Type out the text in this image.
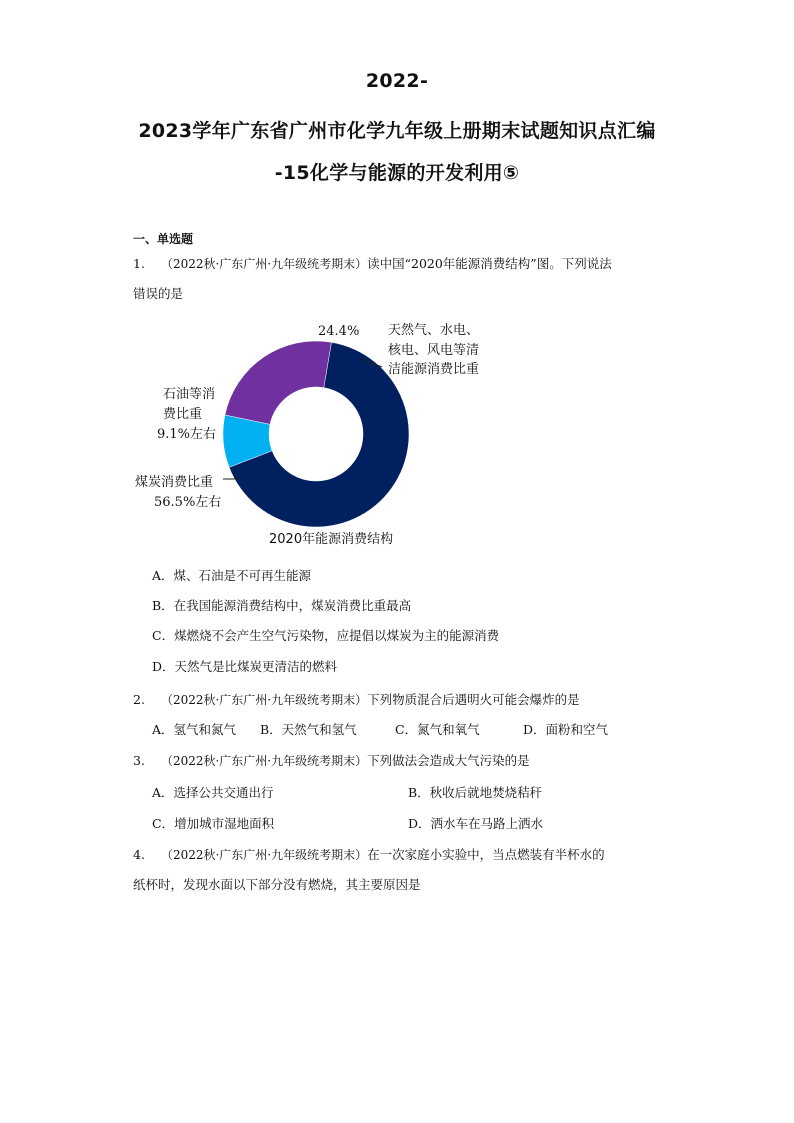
2022-
2023学年广东省广州市化学九年级上册期末试题知识点汇编
-15化学与能源的开发利用⑤
一、单选题
1. （2022秋·广东广州·九年级统考期末）读中国“2020年能源消费结构”图。下列说法
错误的是
24.4% 天然气、水电、
核电、风电等清
洁能源消费比重
石油等消
费比重
9.1%左右
煤炭消费比重
56.5%左右
2020年能源消费结构
A．煤、石油是不可再生能源
B．在我国能源消费结构中，煤炭消费比重最高
C．煤燃烧不会产生空气污染物，应提倡以煤炭为主的能源消费
D．天然气是比煤炭更清洁的燃料
2. （2022秋·广东广州·九年级统考期末）下列物质混合后遇明火可能会爆炸的是
A．氢气和氮气 B．天然气和氢气	C．氮气和氧气	D．面粉和空气
3. （2022秋·广东广州·九年级统考期末）下列做法会造成大气污染的是
A．选择公共交通出行	B．秋收后就地焚烧秸秆
C．增加城市湿地面积	D．洒水车在马路上洒水
4. （2022秋·广东广州·九年级统考期末）在一次家庭小实验中，当点燃装有半杯水的
纸杯时，发现水面以下部分没有燃烧，其主要原因是
